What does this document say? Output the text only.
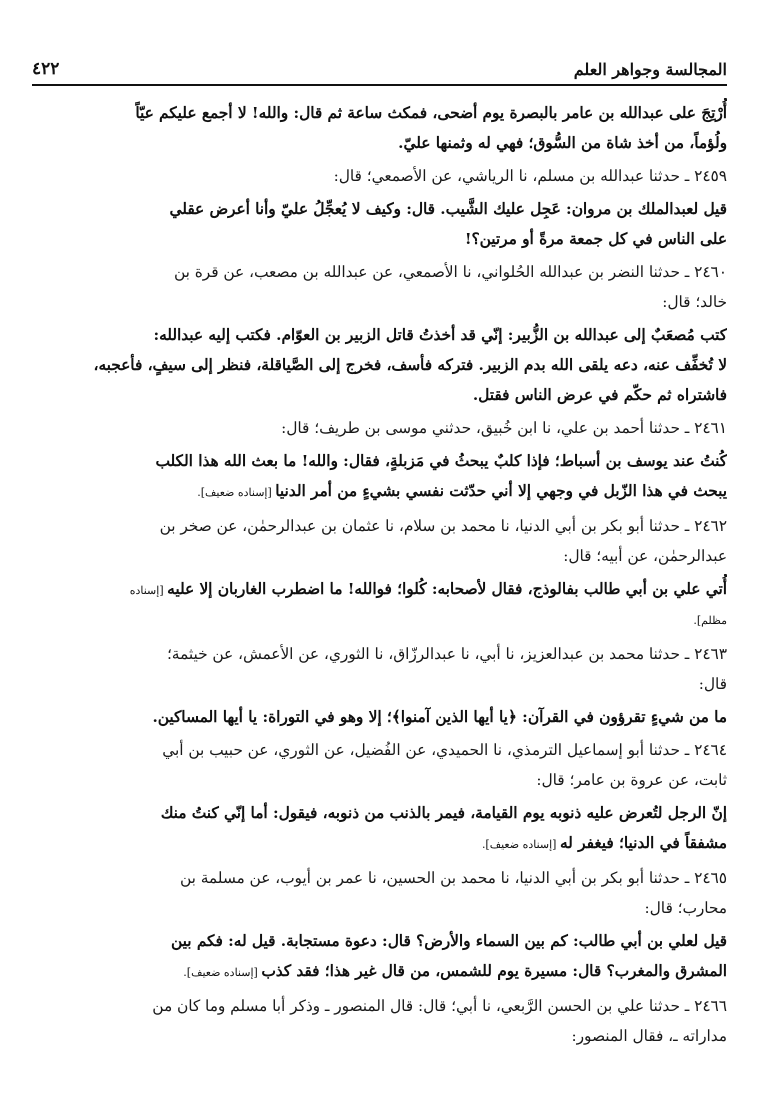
المجالسة وجواهر العلم
٤٢٢
أُرْتِجَ على عبدالله بن عامر بالبصرة يوم أضحى، فمكث ساعة ثم قال: والله! لا أجمع عليكم عيّاً
ولُؤماً، من أخذ شاة من السُّوق؛ فهي له وثمنها عليّ.
٢٤٥٩ ـ حدثنا عبدالله بن مسلم، نا الرياشي، عن الأصمعي؛ قال:
قيل لعبدالملك بن مروان: عَجِل عليك الشَّيب. قال: وكيف لا يُعجِّلُ عليّ وأنا أعرض عقلي
على الناس في كل جمعة مرةً أو مرتين؟!
٢٤٦٠ ـ حدثنا النضر بن عبدالله الحُلواني، نا الأصمعي، عن عبدالله بن مصعب، عن قرة بن
خالد؛ قال:
كتب مُصعَبٌ إلى عبدالله بن الزُّبير: إنّي قد أخذتُ قاتل الزبير بن العوّام. فكتب إليه عبدالله:
لا تُخفِّف عنه، دعه يلقى الله بدم الزبير. فتركه فأسف، فخرج إلى الصَّياقلة، فنظر إلى سيفٍ، فأعجبه،
فاشتراه ثم حكّم في عرض الناس فقتل.
٢٤٦١ ـ حدثنا أحمد بن علي، نا ابن خُبيق، حدثني موسى بن طريف؛ قال:
كُنتُ عند يوسف بن أسباط؛ فإذا كلبٌ يبحثُ في مَزبلةٍ، فقال: والله! ما بعث الله هذا الكلب
يبحث في هذا الزّبل في وجهي إلا أني حدّثت نفسي بشيءٍ من أمر الدنيا [إسناده ضعيف].
٢٤٦٢ ـ حدثنا أبو بكر بن أبي الدنيا، نا محمد بن سلام، نا عثمان بن عبدالرحمٰن، عن صخر بن
عبدالرحمٰن، عن أبيه؛ قال:
أُتي علي بن أبي طالب بفالوذج، فقال لأصحابه: كُلوا؛ فوالله! ما اضطرب الغاربان إلا عليه [إسناده
مظلم].
٢٤٦٣ ـ حدثنا محمد بن عبدالعزيز، نا أبي، نا عبدالرزّاق، نا الثوري، عن الأعمش، عن خيثمة؛
قال:
ما من شيءٍ تقرؤون في القرآن: ﴿يا أيها الذين آمنوا﴾؛ إلا وهو في التوراة: يا أيها المساكين.
٢٤٦٤ ـ حدثنا أبو إسماعيل الترمذي، نا الحميدي، عن الفُضيل، عن الثوري، عن حبيب بن أبي
ثابت، عن عروة بن عامر؛ قال:
إنّ الرجل لتُعرض عليه ذنوبه يوم القيامة، فيمر بالذنب من ذنوبه، فيقول: أما إنّي كنتُ منك
مشفقاً في الدنيا؛ فيغفر له [إسناده ضعيف].
٢٤٦٥ ـ حدثنا أبو بكر بن أبي الدنيا، نا محمد بن الحسين، نا عمر بن أيوب، عن مسلمة بن
محارب؛ قال:
قيل لعلي بن أبي طالب: كم بين السماء والأرض؟ قال: دعوة مستجابة. قيل له: فكم بين
المشرق والمغرب؟ قال: مسيرة يوم للشمس، من قال غير هذا؛ فقد كذب [إسناده ضعيف].
٢٤٦٦ ـ حدثنا علي بن الحسن الرَّبعي، نا أبي؛ قال: قال المنصور ـ وذكر أبا مسلم وما كان من
مداراته ـ، فقال المنصور:
